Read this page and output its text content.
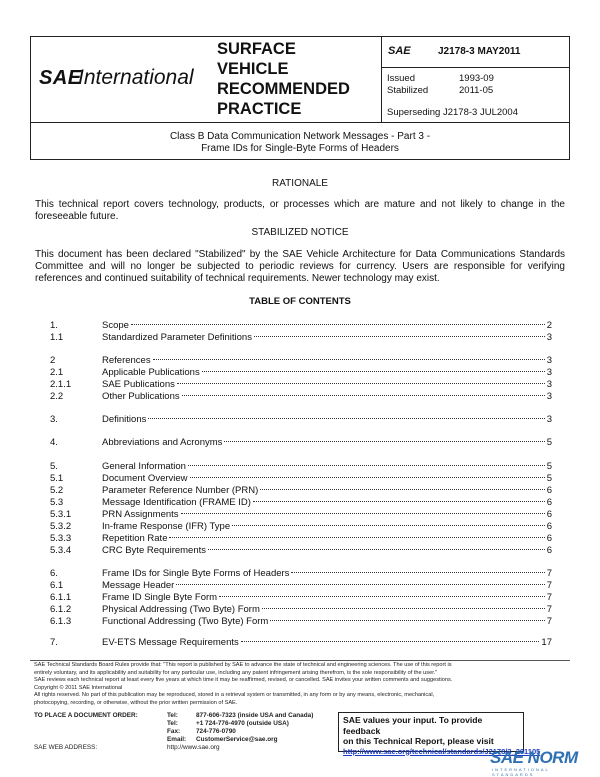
SAE
International
SURFACE
VEHICLE
RECOMMENDED
PRACTICE
SAE	J2178-3 MAY2011
Issued	1993-09
Stabilized	2011-05
Superseding J2178-3 JUL2004
Class B Data Communication Network Messages - Part 3 -
Frame IDs for Single-Byte Forms of Headers
RATIONALE
This technical report covers technology, products, or processes which are mature and not likely to change in the foreseeable future.
STABILIZED NOTICE
This document has been declared "Stabilized" by the SAE Vehicle Architecture for Data Communications Standards Committee and will no longer be subjected to periodic reviews for currency. Users are responsible for verifying references and continued suitability of technical requirements. Newer technology may exist.
TABLE OF CONTENTS
1.	Scope	2
1.1	Standardized Parameter Definitions	3
2	References	3
2.1	Applicable Publications	3
2.1.1	SAE Publications	3
2.2	Other Publications	3
3.	Definitions	3
4.	Abbreviations and Acronyms	5
5.	General Information	5
5.1	Document Overview	5
5.2	Parameter Reference Number (PRN)	6
5.3	Message Identification (FRAME ID)	6
5.3.1	PRN Assignments	6
5.3.2	In-frame Response (IFR) Type	6
5.3.3	Repetition Rate	6
5.3.4	CRC Byte Requirements	6
6.	Frame IDs for Single Byte Forms of Headers	7
6.1	Message Header	7
6.1.1	Frame ID Single Byte Form	7
6.1.2	Physical Addressing (Two Byte) Form	7
6.1.3	Functional Addressing (Two Byte) Form	7
7.	EV-ETS Message Requirements	17
SAE Technical Standards Board Rules provide that: "This report is published by SAE to advance the state of technical and engineering sciences. The use of this report is
entirely voluntary, and its applicability and suitability for any particular use, including any patent infringement arising therefrom, is the sole responsibility of the user."
SAE reviews each technical report at least every five years at which time it may be reaffirmed, revised, or cancelled. SAE invites your written comments and suggestions.
Copyright © 2011 SAE International
All rights reserved. No part of this publication may be reproduced, stored in a retrieval system or transmitted, in any form or by any means, electronic, mechanical,
photocopying, recording, or otherwise, without the prior written permission of SAE.
TO PLACE A DOCUMENT ORDER:	Tel:	877-606-7323 (inside USA and Canada)
Tel:	+1 724-776-4970 (outside USA)
Fax: 724-776-0790
Email: CustomerService@sae.org
SAE WEB ADDRESS:	http://www.sae.org
SAE values your input. To provide feedback
on this Technical Report, please visit
http://www.sae.org/technical/standards/J2178/3_201105
SAE NORM
INTERNATIONAL STANDARDS
